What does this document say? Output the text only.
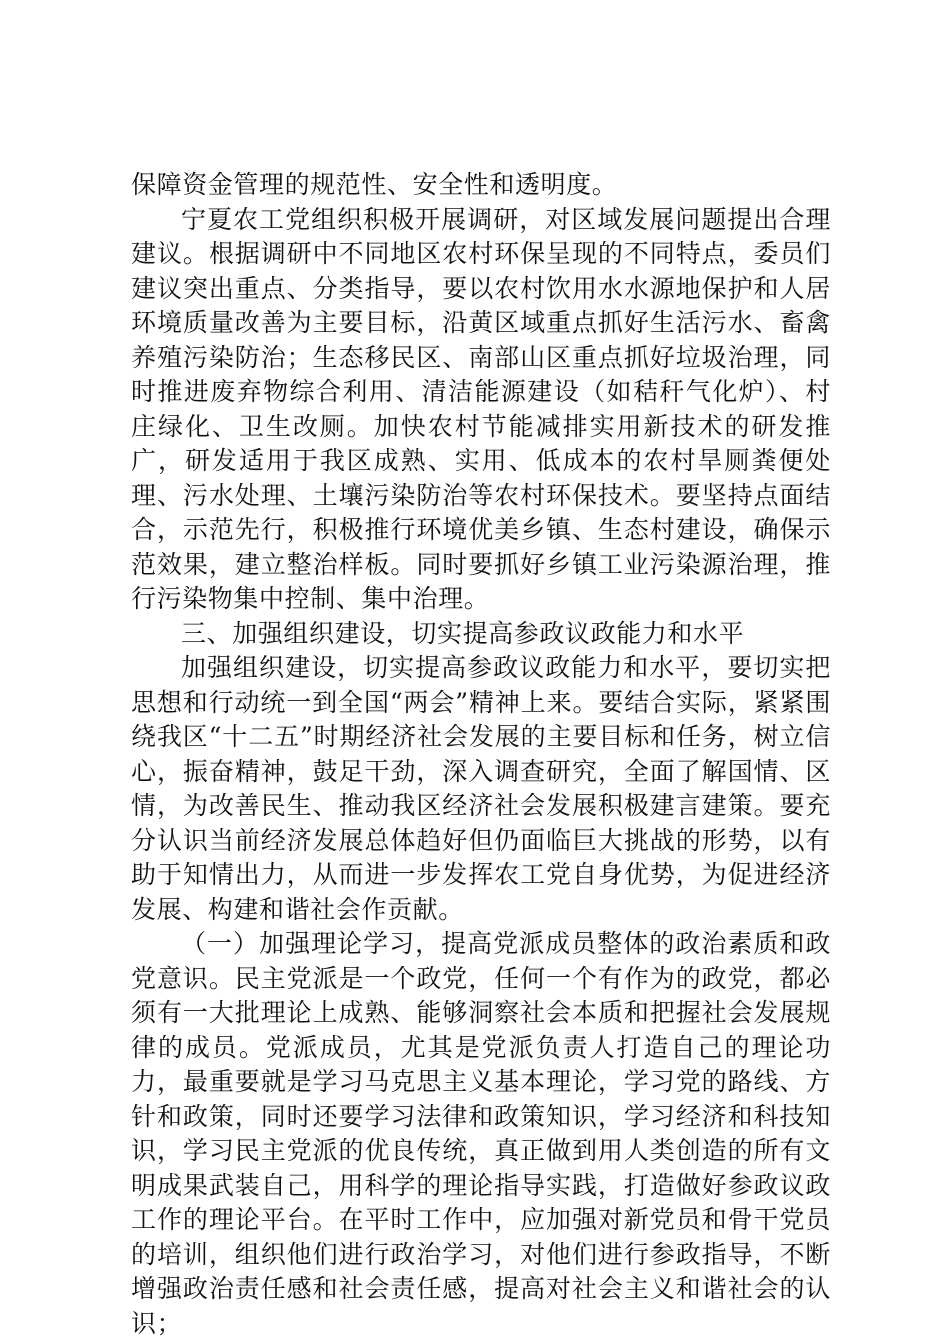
保障资金管理的规范性、安全性和透明度。

宁夏农工党组织积极开展调研，对区域发展问题提出合理建议。根据调研中不同地区农村环保呈现的不同特点，委员们建议突出重点、分类指导，要以农村饮用水水源地保护和人居环境质量改善为主要目标，沿黄区域重点抓好生活污水、畜禽养殖污染防治；生态移民区、南部山区重点抓好垃圾治理，同时推进废弃物综合利用、清洁能源建设（如秸秆气化炉）、村庄绿化、卫生改厕。加快农村节能减排实用新技术的研发推广，研发适用于我区成熟、实用、低成本的农村旱厕粪便处理、污水处理、土壤污染防治等农村环保技术。要坚持点面结合，示范先行，积极推行环境优美乡镇、生态村建设，确保示范效果，建立整治样板。同时要抓好乡镇工业污染源治理，推行污染物集中控制、集中治理。

三、加强组织建设，切实提高参政议政能力和水平

加强组织建设，切实提高参政议政能力和水平，要切实把思想和行动统一到全国“两会”精神上来。要结合实际，紧紧围绕我区“十二五”时期经济社会发展的主要目标和任务，树立信心，振奋精神，鼓足干劲，深入调查研究，全面了解国情、区情，为改善民生、推动我区经济社会发展积极建言建策。要充分认识当前经济发展总体趋好但仍面临巨大挑战的形势，以有助于知情出力，从而进一步发挥农工党自身优势，为促进经济发展、构建和谐社会作贡献。

（一）加强理论学习，提高党派成员整体的政治素质和政党意识。民主党派是一个政党，任何一个有作为的政党，都必须有一大批理论上成熟、能够洞察社会本质和把握社会发展规律的成员。党派成员，尤其是党派负责人打造自己的理论功力，最重要就是学习马克思主义基本理论，学习党的路线、方针和政策，同时还要学习法律和政策知识，学习经济和科技知识，学习民主党派的优良传统，真正做到用人类创造的所有文明成果武装自己，用科学的理论指导实践，打造做好参政议政工作的理论平台。在平时工作中，应加强对新党员和骨干党员的培训，组织他们进行政治学习，对他们进行参政指导，不断增强政治责任感和社会责任感，提高对社会主义和谐社会的认识；
